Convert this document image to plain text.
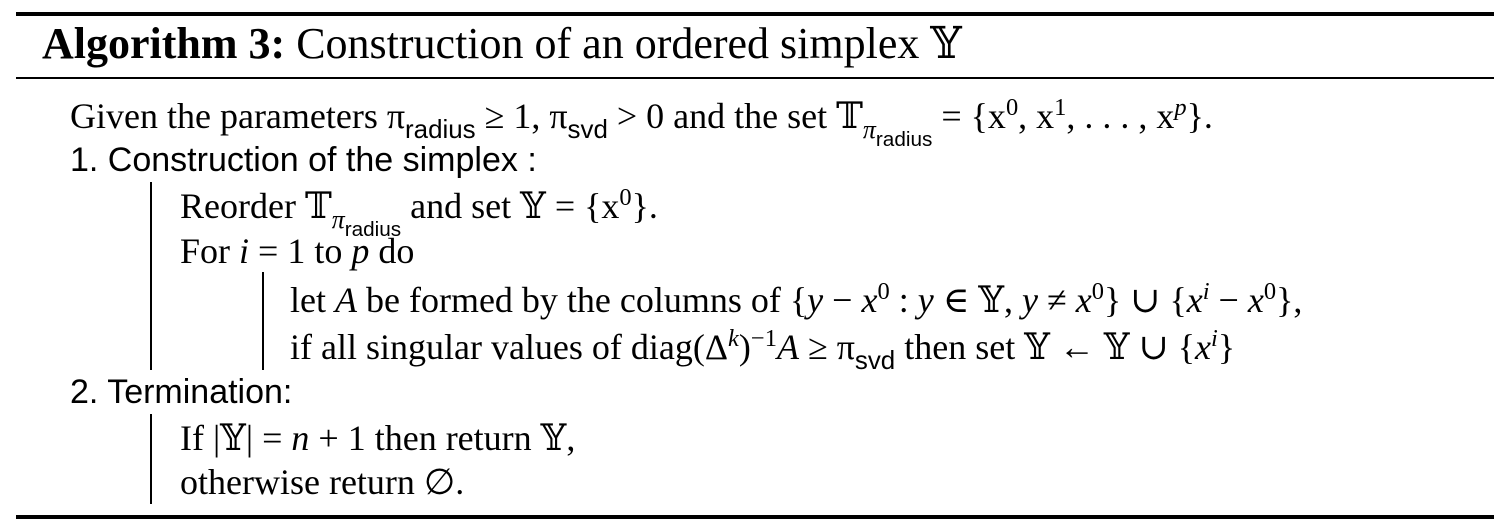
Algorithm 3: Construction of an ordered simplex 𝕐
Given the parameters $\pi_{radius} \ge 1$, $\pi_{svd} > 0$ and the set 𝕋$_{\pi_{radius}}$ = {$x^0$, $x^1$, . . . , $x^p$}.
1. Construction of the simplex :
Reorder 𝕋$_{\pi_{radius}}$ and set 𝕐 = $\{x^0\}$.
For i = 1 to p do
let A be formed by the columns of {$y - x^0$ : y ∈ 𝕐, $y \ne x^0$} ∪ $\{x^i - x^0\}$,
if all singular values of $diag(\Delta^k)^{-1}A \ge \pi_{svd}$ then set 𝕐 ← 𝕐 ∪ $\{x^i\}$
2. Termination:
If |𝕐| = n + 1 then return 𝕐,
otherwise return ∅.
